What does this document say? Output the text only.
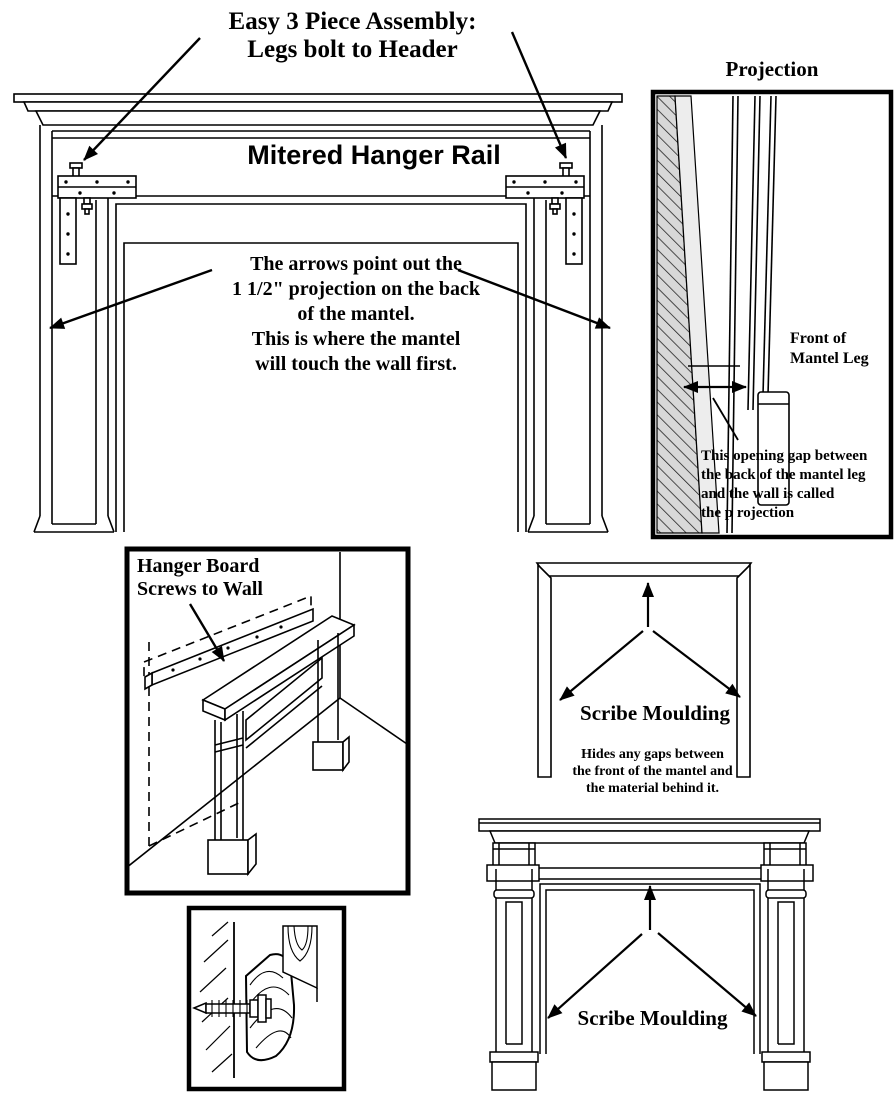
Easy 3 Piece Assembly:
Legs bolt to Header
Mitered Hanger Rail
The arrows point out the
1 1/2" projection on the back
of the mantel.
This is where the mantel
will touch the wall first.
Projection
Front of
Mantel Leg
This opening gap between
the back of the mantel leg
and the wall is called
the p rojection
Hanger Board
Screws to Wall
Scribe Moulding
Hides any gaps between
the front of the mantel and
the material behind it.
Scribe Moulding
